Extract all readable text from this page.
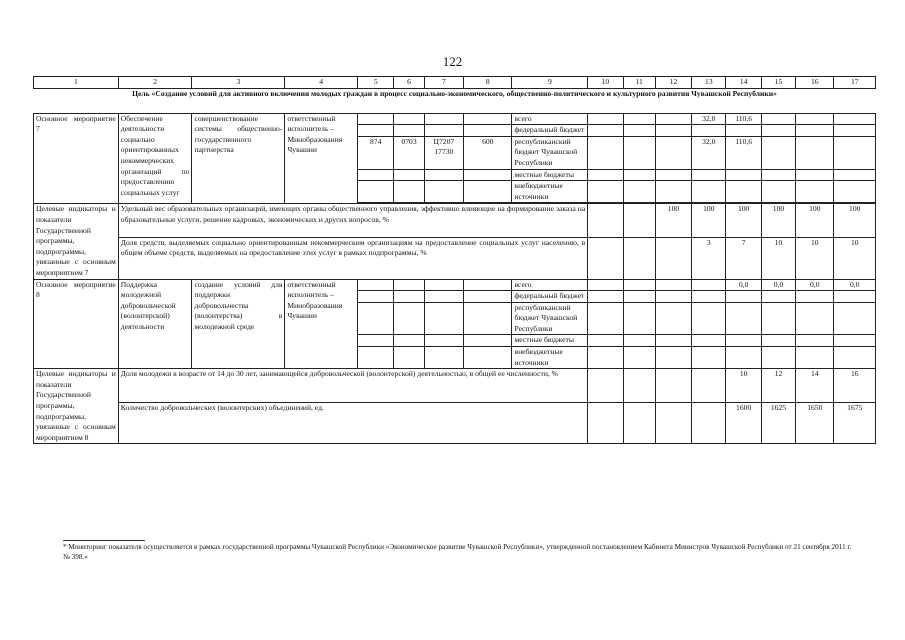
122
1	2	3	4	5	6	7	8	9	10	11	12	13	14	15	16	17
Цель «Создание условий для активного включения молодых граждан в процесс социально-экономического, общественно-политического и культурного развития Чувашской Республики»																
Основное мероприятие 7	Обеспечение деятельности социально ориентированных некоммерческих организаций по предоставлению социальных услуг	совершенствование системы общественно-государственного партнерства	ответственный исполнитель – Минобразования Чувашии					всего				32,0	110,6			
								федеральный бюджет								
				874	0703	Ц7207 17730	600	республиканский бюджет Чувашской Республики				32,0	110,6			
								местные бюджеты								
								внебюджетные источники								

Целевые индикаторы и показатели Государственной программы, подпрограммы, увязанные с основным мероприятием 7	Удельный вес образовательных организаций, имеющих органы общественного управления, эффективно влияющие на формирование заказа на образовательные услуги, решение кадровых, экономических и других вопросов, %										100	100	100	100	100	100
	Доля средств, выделяемых социально ориентированным некоммерческим организациям на предоставление социальных услуг населению, в общем объеме средств, выделяемых на предоставление этих услуг в рамках подпрограммы, %											3	7	10	10	10
Основное мероприятие 8	Поддержка молодежной добровольческой (волонтерской) деятельности	создание условий для поддержки добровольчества (волонтерства) в молодежной среде	ответственный исполнитель – Минобразования Чувашии					всего					0,0	0,0	0,0	0,0
								федеральный бюджет								
								республиканский бюджет Чувашской Республики								
								местные бюджеты								
								внебюджетные источники								
Целевые индикаторы и показатели Государственной программы, подпрограммы, увязанные с основным мероприятием 8	Доля молодежи в возрасте от 14 до 30 лет, занимающейся добровольческой (волонтерской) деятельностью, в общей ее численности, %												10	12	14	16
	Количество добровольческих (волонтерских) объединений, ед.												1600	1625	1650	1675
* Мониторинг показателя осуществляется в рамках государственной программы Чувашской Республики «Экономическое развитие Чувашской Республики», утвержденной постановлением Кабинета Министров Чувашской Республики от 21 сентября 2011 г. № 398.»
